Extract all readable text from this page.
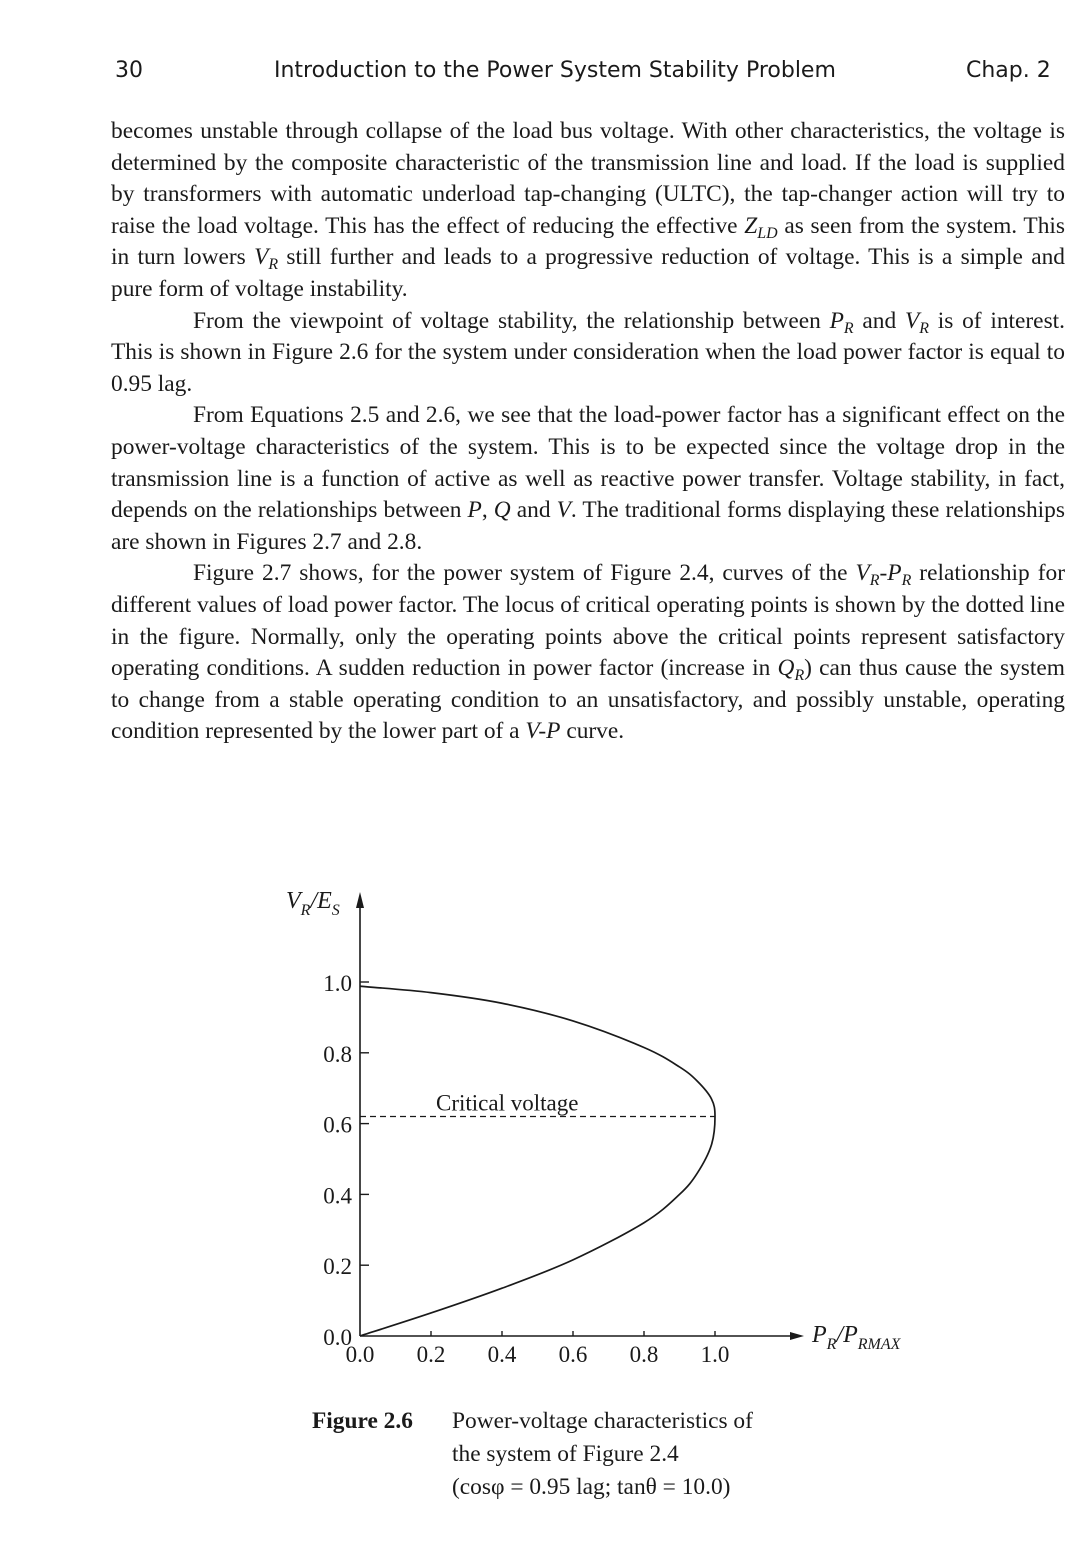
30	Introduction to the Power System Stability Problem	Chap. 2

becomes unstable through collapse of the load bus voltage. With other characteristics, the voltage is determined by the composite characteristic of the transmission line and load. If the load is supplied by transformers with automatic underload tap-changing (ULTC), the tap-changer action will try to raise the load voltage. This has the effect of reducing the effective $Z_{LD}$ as seen from the system. This in turn lowers $V_R$ still further and leads to a progressive reduction of voltage. This is a simple and pure form of voltage instability.

From the viewpoint of voltage stability, the relationship between $P_R$ and $V_R$ is of interest. This is shown in Figure 2.6 for the system under consideration when the load power factor is equal to 0.95 lag.

From Equations 2.5 and 2.6, we see that the load-power factor has a significant effect on the power-voltage characteristics of the system. This is to be expected since the voltage drop in the transmission line is a function of active as well as reactive power transfer. Voltage stability, in fact, depends on the relationships between P, Q and V. The traditional forms displaying these relationships are shown in Figures 2.7 and 2.8.

Figure 2.7 shows, for the power system of Figure 2.4, curves of the $V_R-P_R$ relationship for different values of load power factor. The locus of critical operating points is shown by the dotted line in the figure. Normally, only the operating points above the critical points represent satisfactory operating conditions. A sudden reduction in power factor (increase in $Q_R$) can thus cause the system to change from a stable operating condition to an unsatisfactory, and possibly unstable, operating condition represented by the lower part of a V-P curve.

0.0
0.2
0.4
0.6
0.8
1.0
0.0 0.2 0.4 0.6 0.8 1.0
Critical voltage
$V_R/E_S$
$P_R/P_{RMAX}$
Figure 2.6 Power-voltage characteristics of
the system of Figure 2.4
(cosφ = 0.95 lag; tanθ = 10.0)
